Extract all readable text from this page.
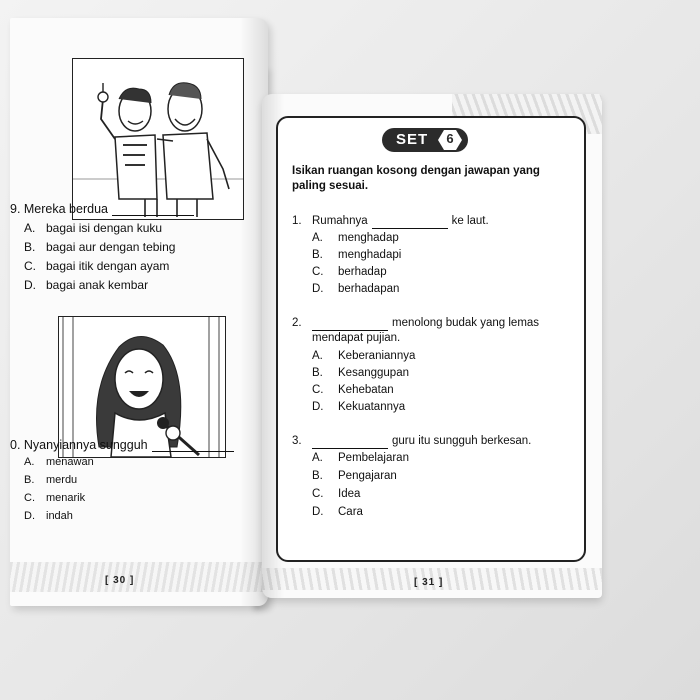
9. Mereka berdua
A. bagai isi dengan kuku
B. bagai aur dengan tebing
C. bagai itik dengan ayam
D. bagai anak kembar
0. Nyanyiannya sungguh
A. menawan
B. merdu
C. menarik
D. indah
[ 30 ]
SET	6
Isikan ruangan kosong dengan jawapan yang paling sesuai.
1. Rumahnya	ke laut.
A. menghadap
B. menghadapi
C. berhadap
D. berhadapan
2.	menolong budak yang lemas
mendapat pujian.
A. Keberaniannya
B. Kesanggupan
C. Kehebatan
D. Kekuatannya
3.	guru itu sungguh berkesan.
A. Pembelajaran
B. Pengajaran
C. Idea
D. Cara
[ 31 ]
